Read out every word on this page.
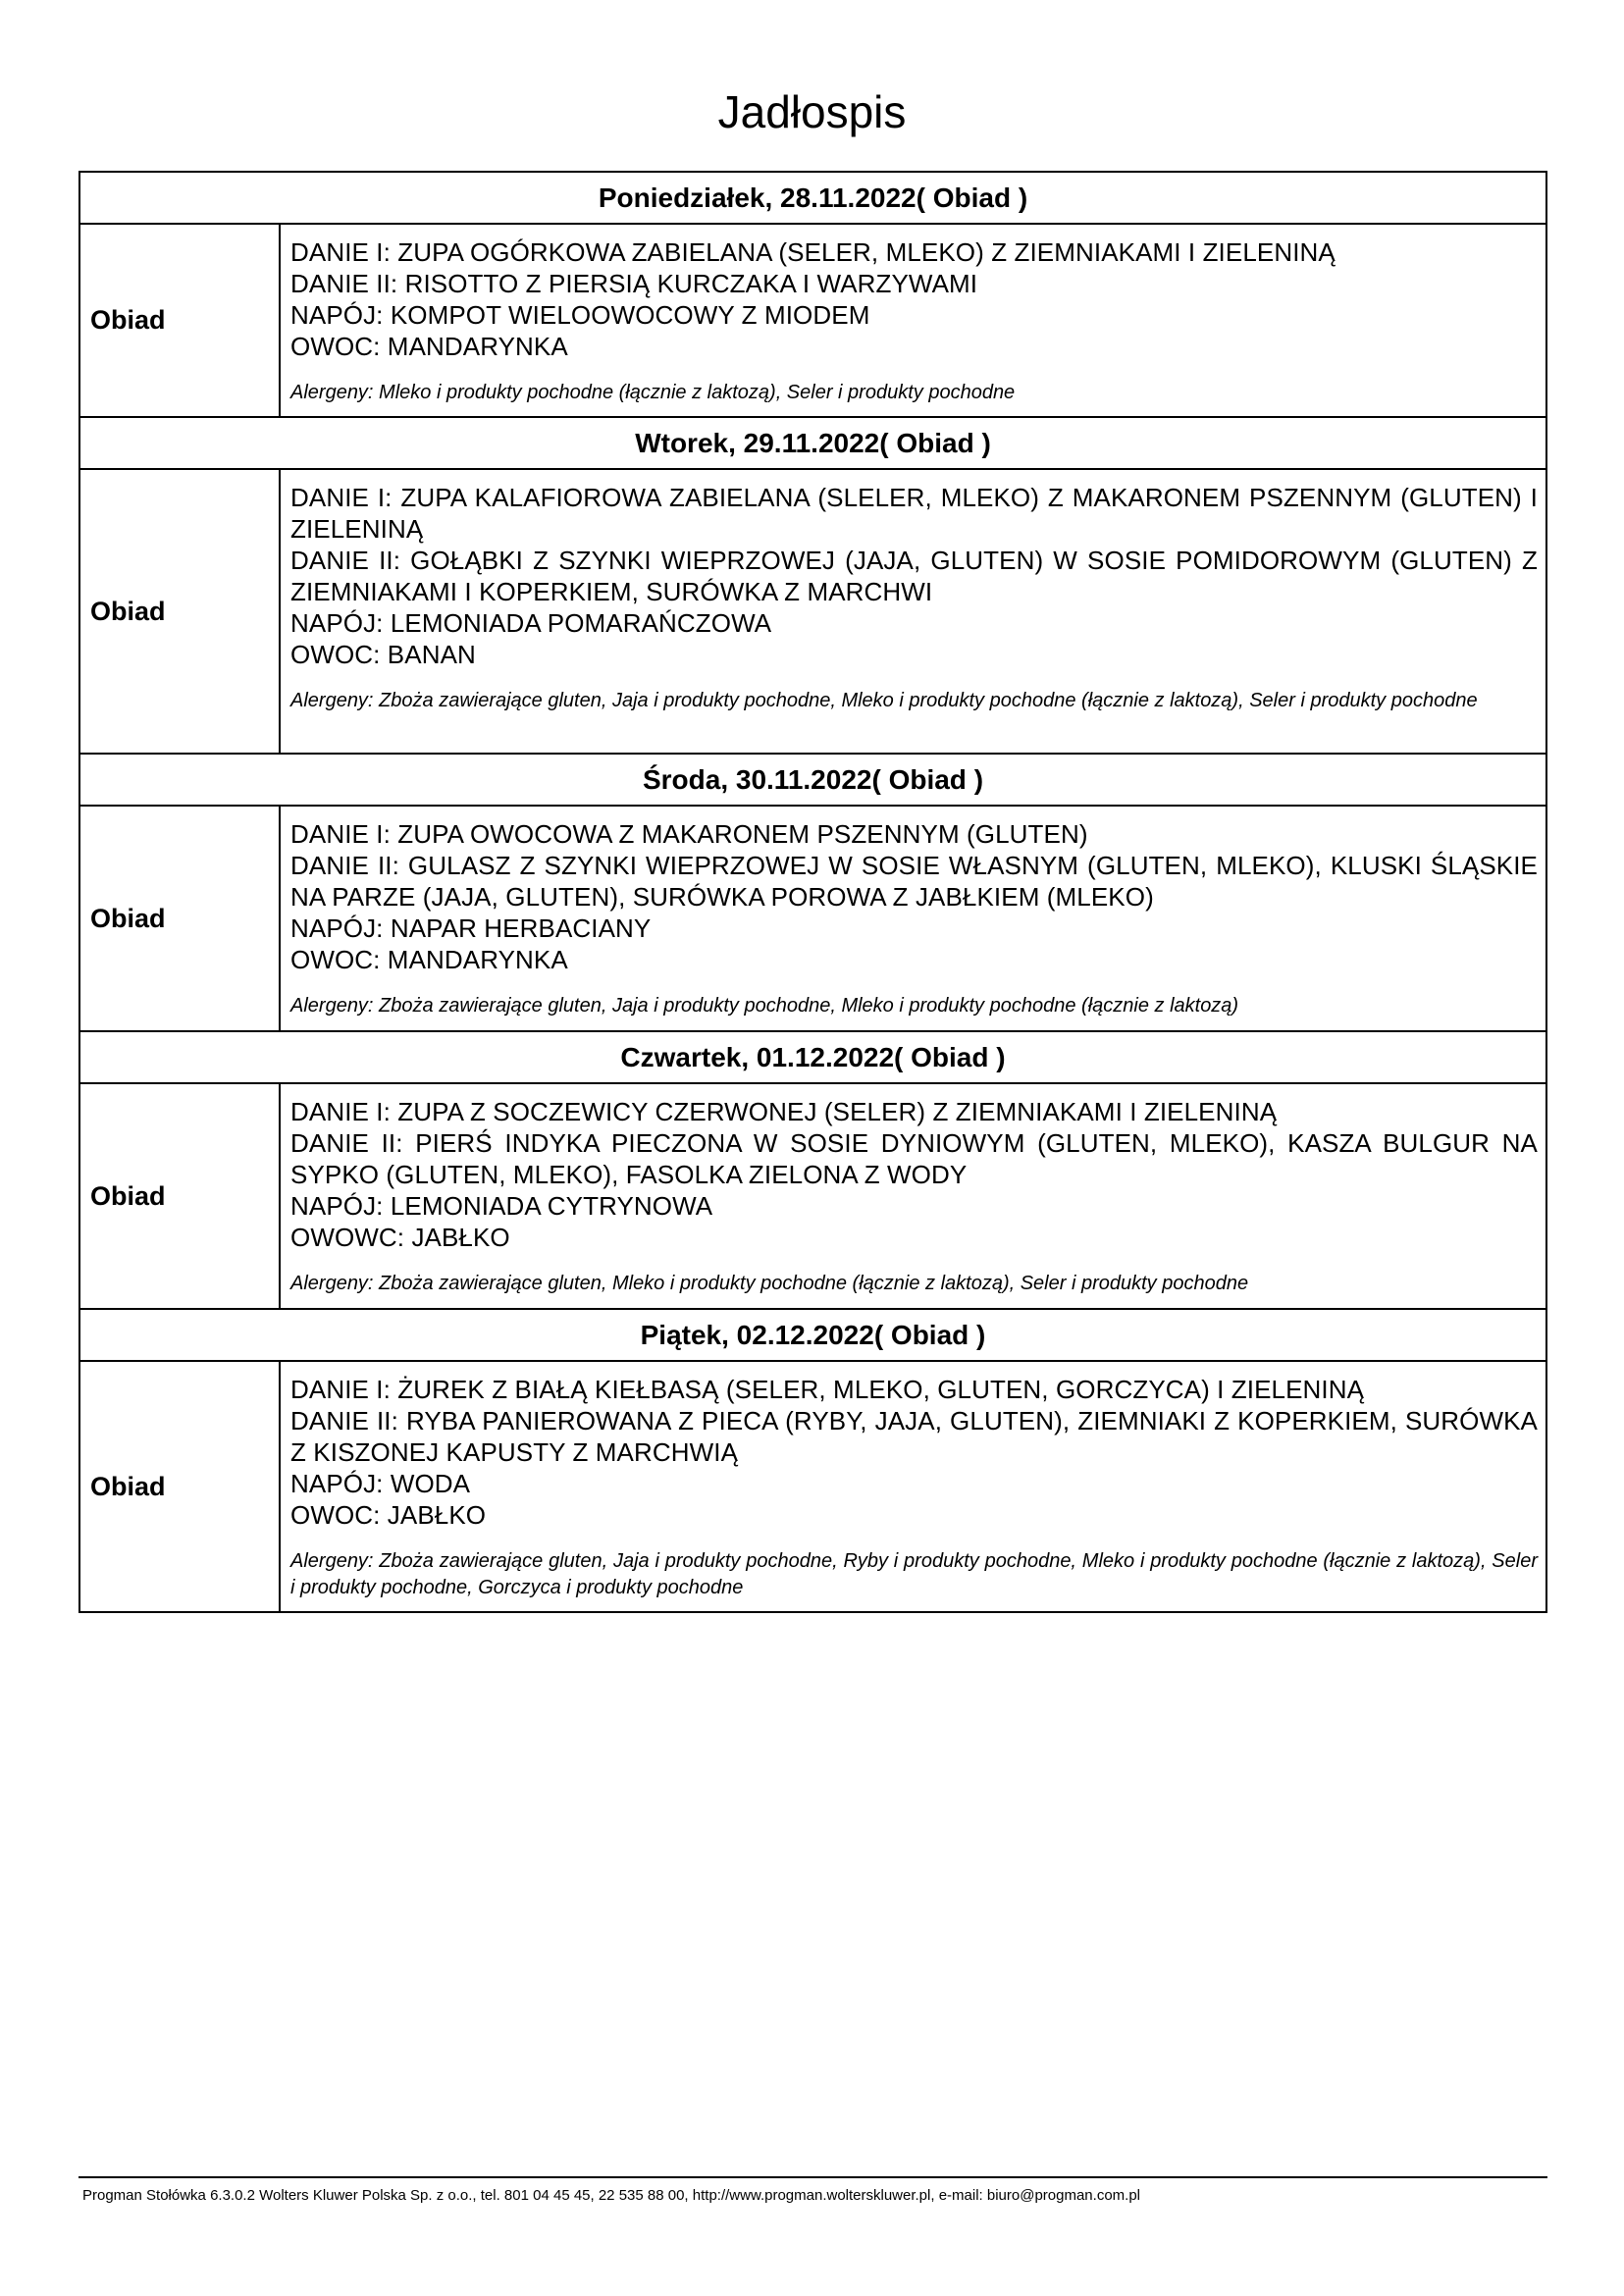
Jadłospis
Poniedziałek, 28.11.2022( Obiad )	
Obiad	DANIE I: ZUPA OGÓRKOWA ZABIELANA (SELER, MLEKO) Z ZIEMNIAKAMI I ZIELENINĄ
DANIE II: RISOTTO Z PIERSIĄ KURCZAKA I WARZYWAMI
NAPÓJ: KOMPOT WIELOOWOCOWY Z MIODEM
OWOC: MANDARYNKA
Alergeny: Mleko i produkty pochodne (łącznie z laktozą), Seler i produkty pochodne

Wtorek, 29.11.2022( Obiad )	
Obiad	DANIE I: ZUPA KALAFIOROWA ZABIELANA (SLELER, MLEKO) Z MAKARONEM PSZENNYM (GLUTEN) I ZIELENINĄ
DANIE II: GOŁĄBKI Z SZYNKI WIEPRZOWEJ (JAJA, GLUTEN) W SOSIE POMIDOROWYM (GLUTEN) Z ZIEMNIAKAMI I KOPERKIEM, SURÓWKA Z MARCHWI
NAPÓJ: LEMONIADA POMARAŃCZOWA
OWOC: BANAN
Alergeny: Zboża zawierające gluten, Jaja i produkty pochodne, Mleko i produkty pochodne (łącznie z laktozą), Seler i produkty pochodne

Środa, 30.11.2022( Obiad )	
Obiad	DANIE I: ZUPA OWOCOWA Z MAKARONEM PSZENNYM (GLUTEN)
DANIE II: GULASZ Z SZYNKI WIEPRZOWEJ W SOSIE WŁASNYM (GLUTEN, MLEKO), KLUSKI ŚLĄSKIE NA PARZE (JAJA, GLUTEN), SURÓWKA POROWA Z JABŁKIEM (MLEKO)
NAPÓJ: NAPAR HERBACIANY
OWOC: MANDARYNKA
Alergeny: Zboża zawierające gluten, Jaja i produkty pochodne, Mleko i produkty pochodne (łącznie z laktozą)

Czwartek, 01.12.2022( Obiad )	
Obiad	DANIE I: ZUPA Z SOCZEWICY CZERWONEJ (SELER) Z ZIEMNIAKAMI I ZIELENINĄ
DANIE II: PIERŚ INDYKA PIECZONA W SOSIE DYNIOWYM (GLUTEN, MLEKO), KASZA BULGUR NA SYPKO (GLUTEN, MLEKO), FASOLKA ZIELONA Z WODY
NAPÓJ: LEMONIADA CYTRYNOWA
OWOWC: JABŁKO
Alergeny: Zboża zawierające gluten, Mleko i produkty pochodne (łącznie z laktozą), Seler i produkty pochodne

Piątek, 02.12.2022( Obiad )	
Obiad	DANIE I: ŻUREK Z BIAŁĄ KIEŁBASĄ (SELER, MLEKO, GLUTEN, GORCZYCA) I ZIELENINĄ
DANIE II: RYBA PANIEROWANA Z PIECA (RYBY, JAJA, GLUTEN), ZIEMNIAKI Z KOPERKIEM, SURÓWKA Z KISZONEJ KAPUSTY Z MARCHWIĄ
NAPÓJ: WODA
OWOC: JABŁKO
Alergeny: Zboża zawierające gluten, Jaja i produkty pochodne, Ryby i produkty pochodne, Mleko i produkty pochodne (łącznie z laktozą), Seler i produkty pochodne, Gorczyca i produkty pochodne
Progman Stołówka 6.3.0.2 Wolters Kluwer Polska Sp. z o.o., tel. 801 04 45 45, 22 535 88 00, http://www.progman.wolterskluwer.pl, e-mail: biuro@progman.com.pl
